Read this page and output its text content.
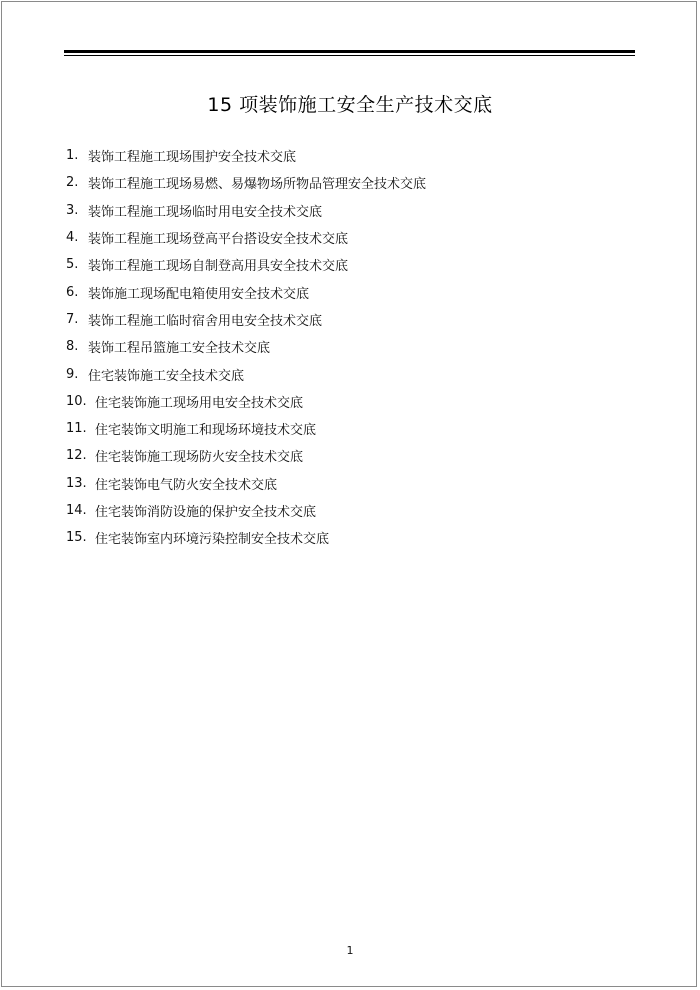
15 项装饰施工安全生产技术交底
1. 装饰工程施工现场围护安全技术交底
2. 装饰工程施工现场易燃、易爆物场所物品管理安全技术交底
3. 装饰工程施工现场临时用电安全技术交底
4. 装饰工程施工现场登高平台搭设安全技术交底
5. 装饰工程施工现场自制登高用具安全技术交底
6. 装饰施工现场配电箱使用安全技术交底
7. 装饰工程施工临时宿舍用电安全技术交底
8. 装饰工程吊篮施工安全技术交底
9. 住宅装饰施工安全技术交底
10. 住宅装饰施工现场用电安全技术交底
11. 住宅装饰文明施工和现场环境技术交底
12. 住宅装饰施工现场防火安全技术交底
13. 住宅装饰电气防火安全技术交底
14. 住宅装饰消防设施的保护安全技术交底
15. 住宅装饰室内环境污染控制安全技术交底
1
